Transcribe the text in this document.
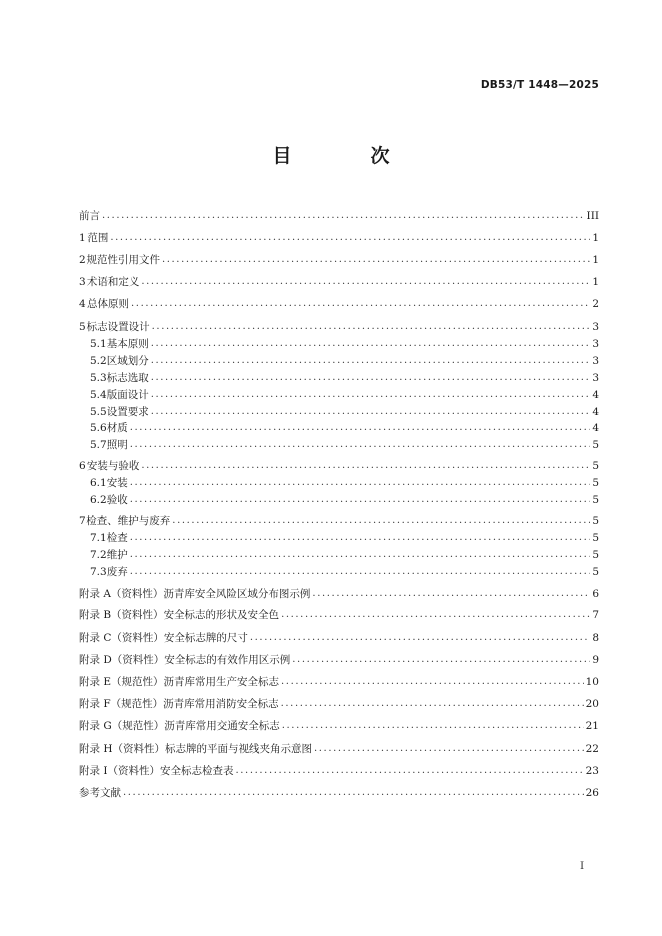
DB53/T 1448—2025
目　次
前言 .....	III
1 范围 .....	1
2 规范性引用文件 .....	1
3 术语和定义 .....	1
4 总体原则 .....	2
5 标志设置设计 .....	3
5.1 基本原则 .....	3
5.2 区域划分 .....	3
5.3 标志选取 .....	3
5.4 版面设计 .....	4
5.5 设置要求 .....	4
5.6 材质 .....	4
5.7 照明 .....	5
6 安装与验收 .....	5
6.1 安装 .....	5
6.2 验收 .....	5
7 检查、维护与废弃 .....	5
7.1 检查 .....	5
7.2 维护 .....	5
7.3 废弃 .....	5
附录 A（资料性） 沥青库安全风险区域分布图示例 .....	6
附录 B（资料性） 安全标志的形状及安全色 .....	7
附录 C（资料性） 安全标志牌的尺寸 .....	8
附录 D（资料性） 安全标志的有效作用区示例 .....	9
附录 E（规范性） 沥青库常用生产安全标志 .....	10
附录 F（规范性） 沥青库常用消防安全标志 .....	20
附录 G（规范性） 沥青库常用交通安全标志 .....	21
附录 H（资料性） 标志牌的平面与视线夹角示意图 .....	22
附录 I（资料性） 安全标志检查表 .....	23
参考文献 .....	26
I
